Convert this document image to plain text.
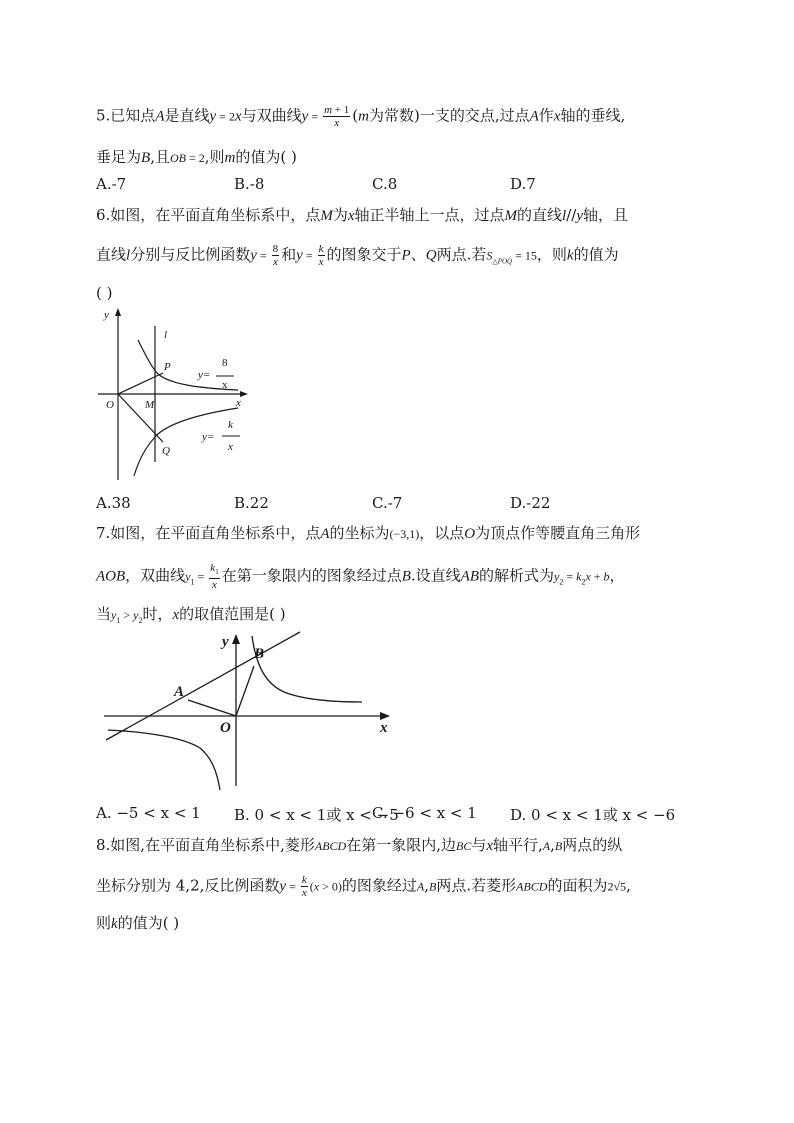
5.已知点A是直线y = 2x与双曲线$y = \frac{m + 1}{x} (m$为常数)一支的交点,过点A作x轴的垂线,
垂足为B,且OB = 2,则m的值为( )
A.-7	B.-8	C.8	D.7
6.如图，在平面直角坐标系中，点M为x轴正半轴上一点，过点M的直线l//y轴，且
直线l分别与反比例函数$y = \frac{8}{x}$ 和$y = \frac{k}{x}$ 的图象交于P、Q两点.若$S_{\triangle POQ} = 15$，则k的值为
( )
y
l
P
O	M	x
Q
y=
8
x
y=
k
x
A.38	B.22	C.-7	D.-22
7.如图，在平面直角坐标系中，点A的坐标为(−3,1)，以点O为顶点作等腰直角三角形
AOB，双曲线$y_1 = \frac{k_1}{x}$ 在第一象限内的图象经过点B.设直线AB的解析式为$y_2 = k_2x + b$，
当$y_1 > y_2$时，x的取值范围是( )
y
B
A
O	x
A. −5 < x < 1 B. 0 < x < 1或 x < −5
C. −6 < x < 1 D. 0 < x < 1或 x < −6
8.如图,在平面直角坐标系中,菱形ABCD在第一象限内,边BC与x轴平行,A,B两点的纵
坐标分别为 4,2,反比例函数$y = \frac{k}{x} (x > 0)$的图象经过A,B两点.若菱形ABCD的面积为2√5,
则k的值为( )
